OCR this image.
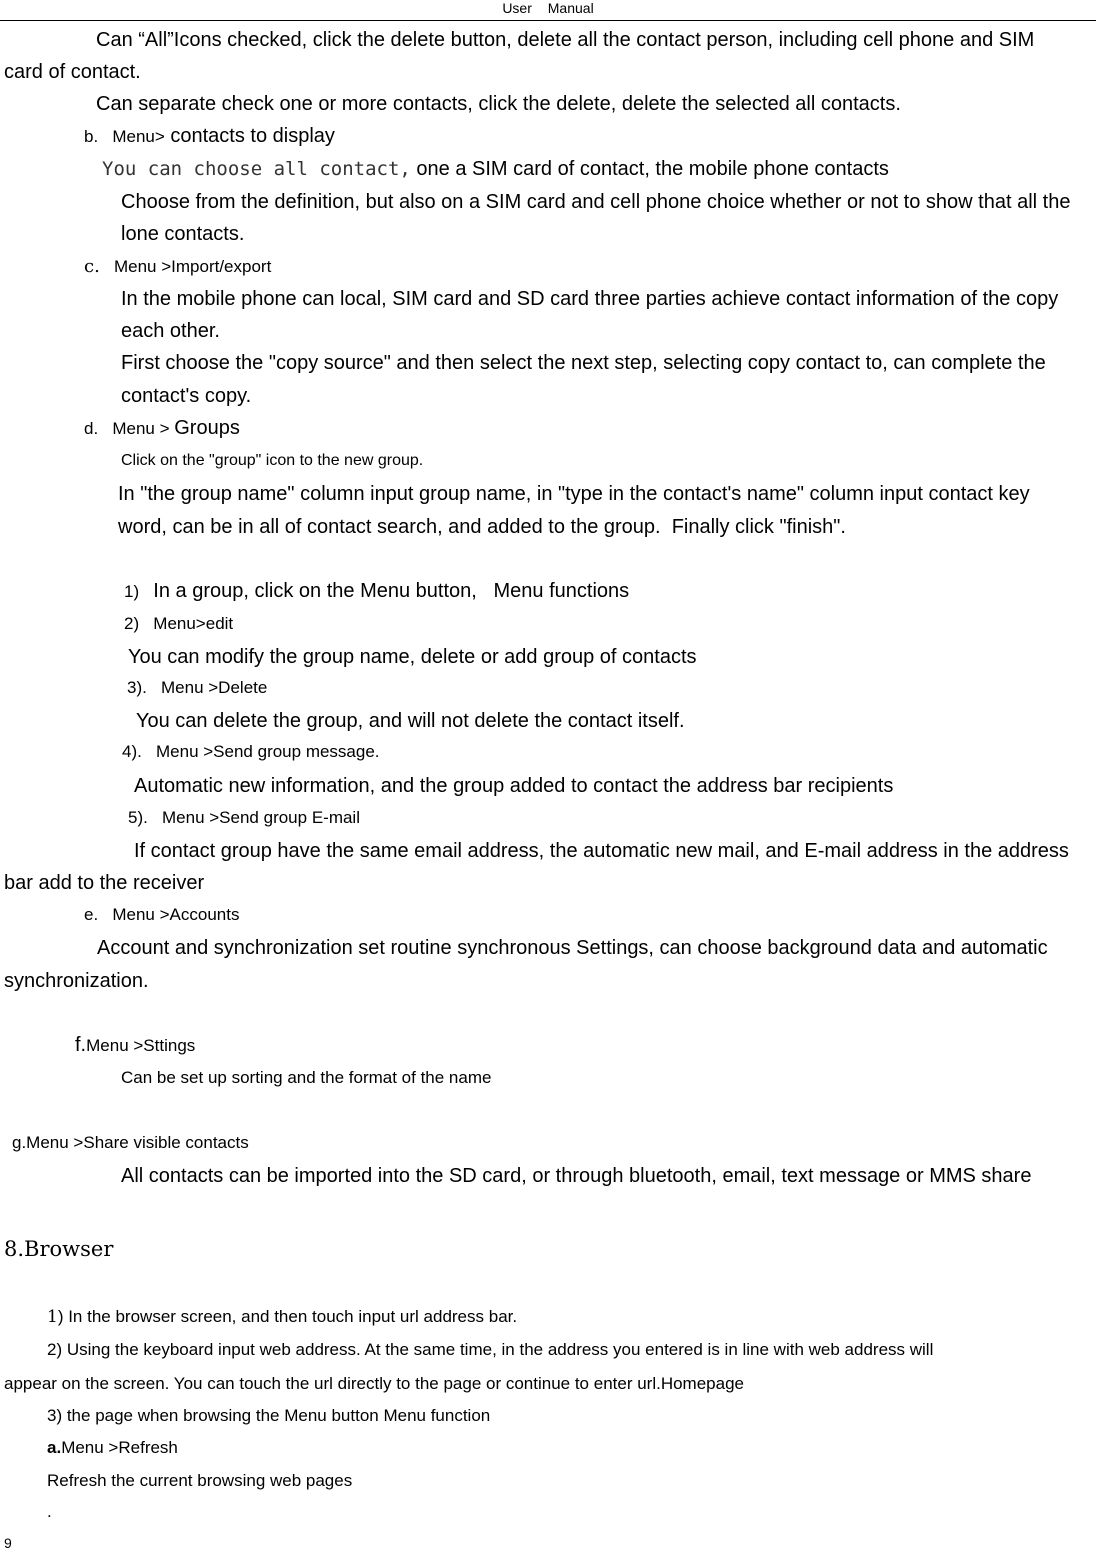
User Manual
Can “All”Icons checked, click the delete button, delete all the contact person, including cell phone and SIM
card of contact.
Can separate check one or more contacts, click the delete, delete the selected all contacts.
b.   Menu> contacts to display
You can choose all contact, one a SIM card of contact, the mobile phone contacts
Choose from the definition, but also on a SIM card and cell phone choice whether or not to show that all the
lone contacts.
c.   Menu >Import/export
In the mobile phone can local, SIM card and SD card three parties achieve contact information of the copy
each other.
First choose the "copy source" and then select the next step, selecting copy contact to, can complete the
contact's copy.
d.   Menu > Groups
Click on the "group" icon to the new group.
In "the group name" column input group name, in "type in the contact's name" column input contact key
word, can be in all of contact search, and added to the group.  Finally click "finish".
1)   In a group, click on the Menu button,   Menu functions
2)   Menu>edit
You can modify the group name, delete or add group of contacts
3).   Menu >Delete
You can delete the group, and will not delete the contact itself.
4).   Menu >Send group message.
Automatic new information, and the group added to contact the address bar recipients
5).   Menu >Send group E-mail
If contact group have the same email address, the automatic new mail, and E-mail address in the address
bar add to the receiver
e.   Menu >Accounts
Account and synchronization set routine synchronous Settings, can choose background data and automatic
synchronization.
f.Menu >Sttings
Can be set up sorting and the format of the name
g.Menu >Share visible contacts
All contacts can be imported into the SD card, or through bluetooth, email, text message or MMS share
8.Browser
1) In the browser screen, and then touch input url address bar.
2) Using the keyboard input web address. At the same time, in the address you entered is in line with web address will
appear on the screen. You can touch the url directly to the page or continue to enter url.Homepage
3) the page when browsing the Menu button Menu function
a.Menu >Refresh
Refresh the current browsing web pages
.
9
